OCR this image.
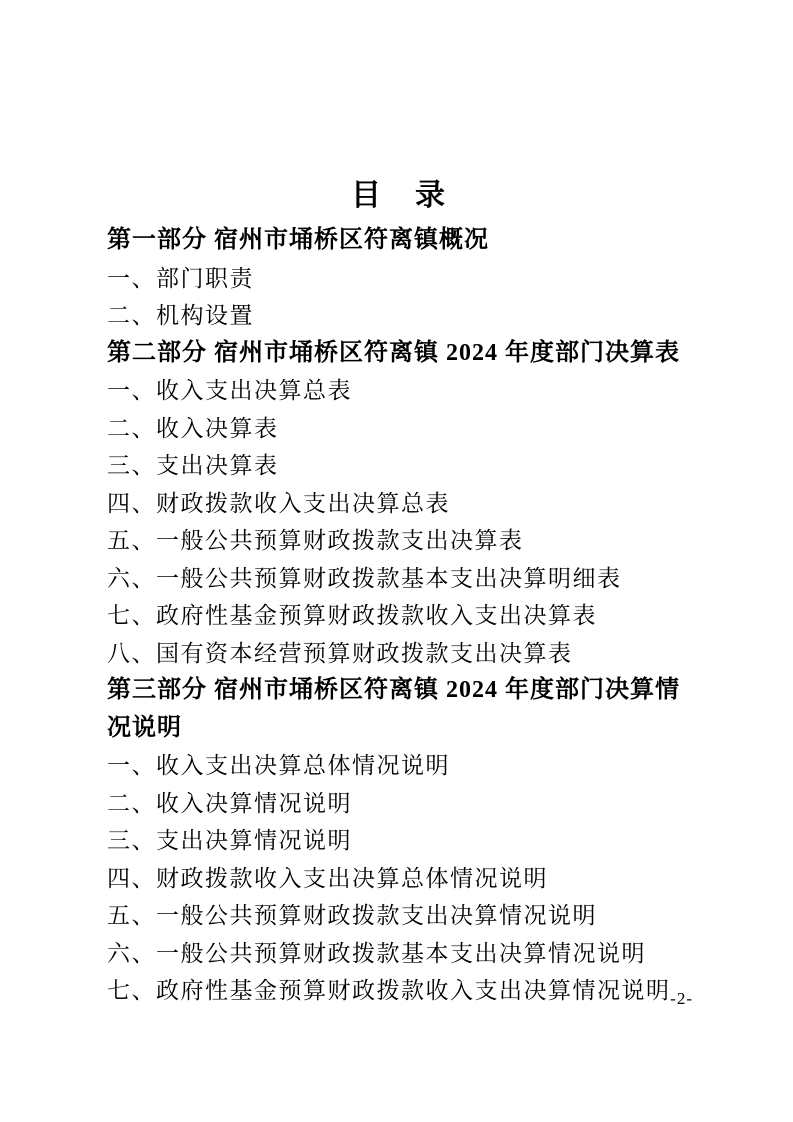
目　录
第一部分 宿州市埇桥区符离镇概况
一、部门职责
二、机构设置
第二部分 宿州市埇桥区符离镇 2024 年度部门决算表
一、收入支出决算总表
二、收入决算表
三、支出决算表
四、财政拨款收入支出决算总表
五、一般公共预算财政拨款支出决算表
六、一般公共预算财政拨款基本支出决算明细表
七、政府性基金预算财政拨款收入支出决算表
八、国有资本经营预算财政拨款支出决算表
第三部分 宿州市埇桥区符离镇 2024 年度部门决算情况说明
一、收入支出决算总体情况说明
二、收入决算情况说明
三、支出决算情况说明
四、财政拨款收入支出决算总体情况说明
五、一般公共预算财政拨款支出决算情况说明
六、一般公共预算财政拨款基本支出决算情况说明
七、政府性基金预算财政拨款收入支出决算情况说明 -2-
